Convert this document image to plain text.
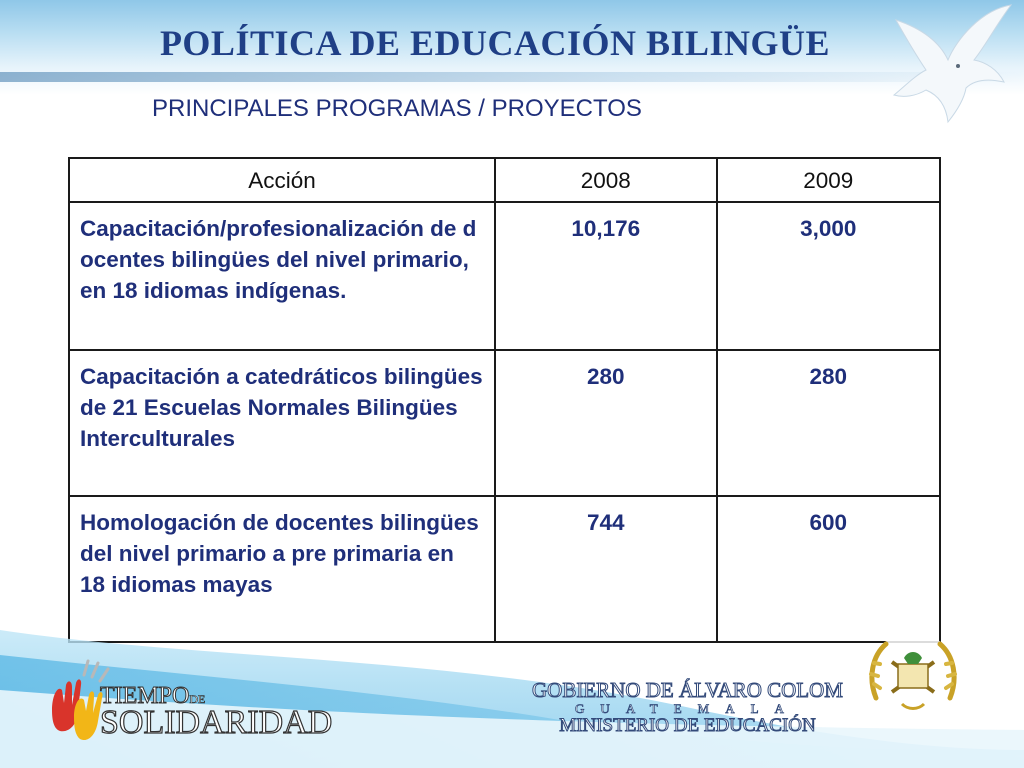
POLÍTICA DE EDUCACIÓN BILINGÜE
PRINCIPALES PROGRAMAS / PROYECTOS
Acción	2008	2009
Capacitación/profesionalización de docentes bilingües del nivel primario, en 18 idiomas indígenas.	10,176	3,000
Capacitación a catedráticos bilingües de 21 Escuelas Normales Bilingües Interculturales	280	280
Homologación de docentes bilingües del nivel primario a pre primaria en 18 idiomas mayas	744	600
TIEMPODE
SOLIDARIDAD
GOBIERNO DE ÁLVARO COLOM
GUATEMALA
MINISTERIO DE EDUCACIÓN
